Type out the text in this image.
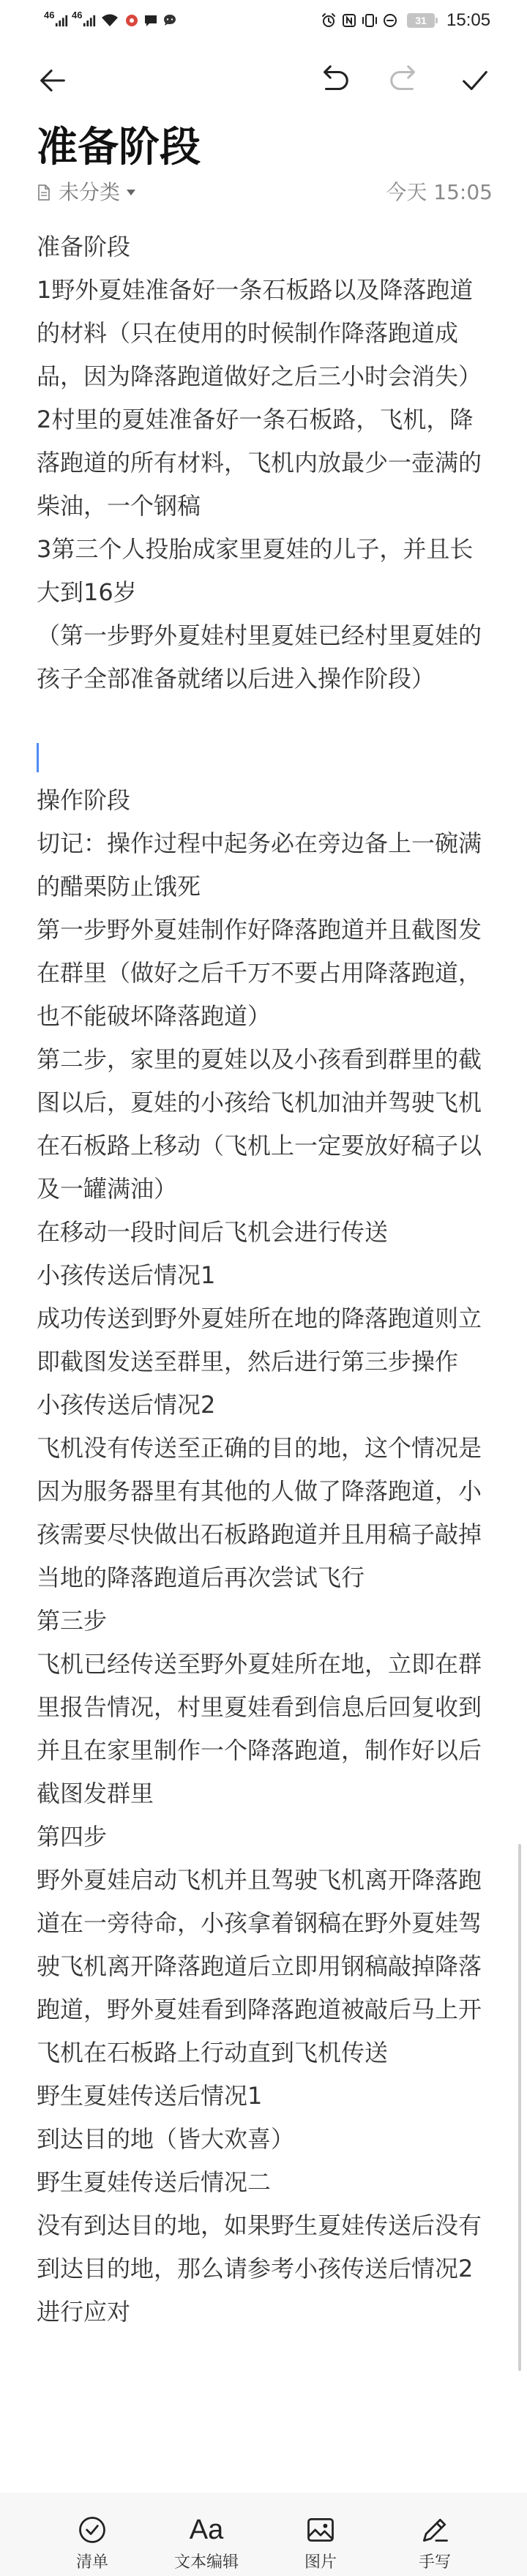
46 46	31	15:05
准备阶段
未分类	今天 15:05
准备阶段
1野外夏娃准备好一条石板路以及降落跑道
的材料（只在使用的时候制作降落跑道成
品，因为降落跑道做好之后三小时会消失）
2村里的夏娃准备好一条石板路，飞机，降
落跑道的所有材料，飞机内放最少一壶满的
柴油，一个钢稿
3第三个人投胎成家里夏娃的儿子，并且长
大到16岁
（第一步野外夏娃村里夏娃已经村里夏娃的
孩子全部准备就绪以后进入操作阶段）
操作阶段
切记：操作过程中起务必在旁边备上一碗满
的醋栗防止饿死
第一步野外夏娃制作好降落跑道并且截图发
在群里（做好之后千万不要占用降落跑道，
也不能破坏降落跑道）
第二步，家里的夏娃以及小孩看到群里的截
图以后，夏娃的小孩给飞机加油并驾驶飞机
在石板路上移动（飞机上一定要放好稿子以
及一罐满油）
在移动一段时间后飞机会进行传送
小孩传送后情况1
成功传送到野外夏娃所在地的降落跑道则立
即截图发送至群里，然后进行第三步操作
小孩传送后情况2
飞机没有传送至正确的目的地，这个情况是
因为服务器里有其他的人做了降落跑道，小
孩需要尽快做出石板路跑道并且用稿子敲掉
当地的降落跑道后再次尝试飞行
第三步
飞机已经传送至野外夏娃所在地，立即在群
里报告情况，村里夏娃看到信息后回复收到
并且在家里制作一个降落跑道，制作好以后
截图发群里
第四步
野外夏娃启动飞机并且驾驶飞机离开降落跑
道在一旁待命，小孩拿着钢稿在野外夏娃驾
驶飞机离开降落跑道后立即用钢稿敲掉降落
跑道，野外夏娃看到降落跑道被敲后马上开
飞机在石板路上行动直到飞机传送
野生夏娃传送后情况1
到达目的地（皆大欢喜）
野生夏娃传送后情况二
没有到达目的地，如果野生夏娃传送后没有
到达目的地，那么请参考小孩传送后情况2
进行应对
清单
Aa
文本编辑	图片	手写
